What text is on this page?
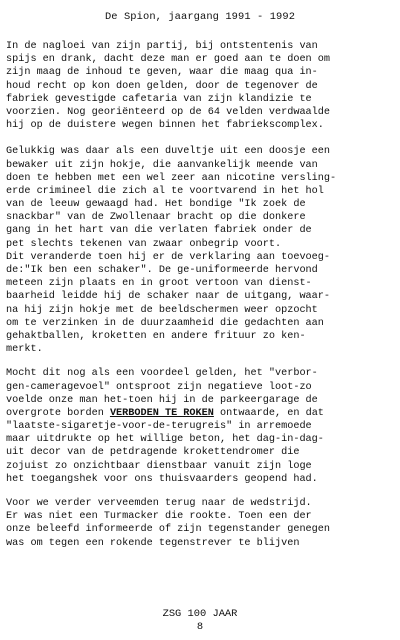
De Spion, jaargang 1991 - 1992
In de nagloei van zijn partij, bij ontstentenis van
spijs en drank, dacht deze man er goed aan te doen om
zijn maag de inhoud te geven, waar die maag qua in-
houd recht op kon doen gelden, door de tegenover de
fabriek gevestigde cafetaria van zijn klandizie te
voorzien. Nog georiënteerd op de 64 velden verdwaalde
hij op de duistere wegen binnen het fabriekscomplex.
Gelukkig was daar als een duveltje uit een doosje een
bewaker uit zijn hokje, die aanvankelijk meende van
doen te hebben met een wel zeer aan nicotine versling-
erde crimineel die zich al te voortvarend in het hol
van de leeuw gewaagd had. Het bondige "Ik zoek de
snackbar" van de Zwollenaar bracht op die donkere
gang in het hart van die verlaten fabriek onder de
pet slechts tekenen van zwaar onbegrip voort.
Dit veranderde toen hij er de verklaring aan toevoeg-
de:"Ik ben een schaker". De ge-uniformeerde hervond
meteen zijn plaats en in groot vertoon van dienst-
baarheid leidde hij de schaker naar de uitgang, waar-
na hij zijn hokje met de beeldschermen weer opzocht
om te verzinken in de duurzaamheid die gedachten aan
gehaktballen, kroketten en andere frituur zo ken-
merkt.
Mocht dit nog als een voordeel gelden, het "verbor-
gen-cameragevoel" ontsproot zijn negatieve loot-zo
voelde onze man het-toen hij in de parkeergarage de
overgrote borden VERBODEN TE ROKEN ontwaarde, en dat
"laatste-sigaretje-voor-de-terugreis" in arremoede
maar uitdrukte op het willige beton, het dag-in-dag-
uit decor van de petdragende krokettendromer die
zojuist zo onzichtbaar dienstbaar vanuit zijn loge
het toegangshek voor ons thuisvaarders geopend had.
Voor we verder verveemden terug naar de wedstrijd.
Er was niet een Turmacker die rookte. Toen een der
onze beleefd informeerde of zijn tegenstander genegen
was om tegen een rokende tegenstrever te blijven
ZSG 100 JAAR
8
